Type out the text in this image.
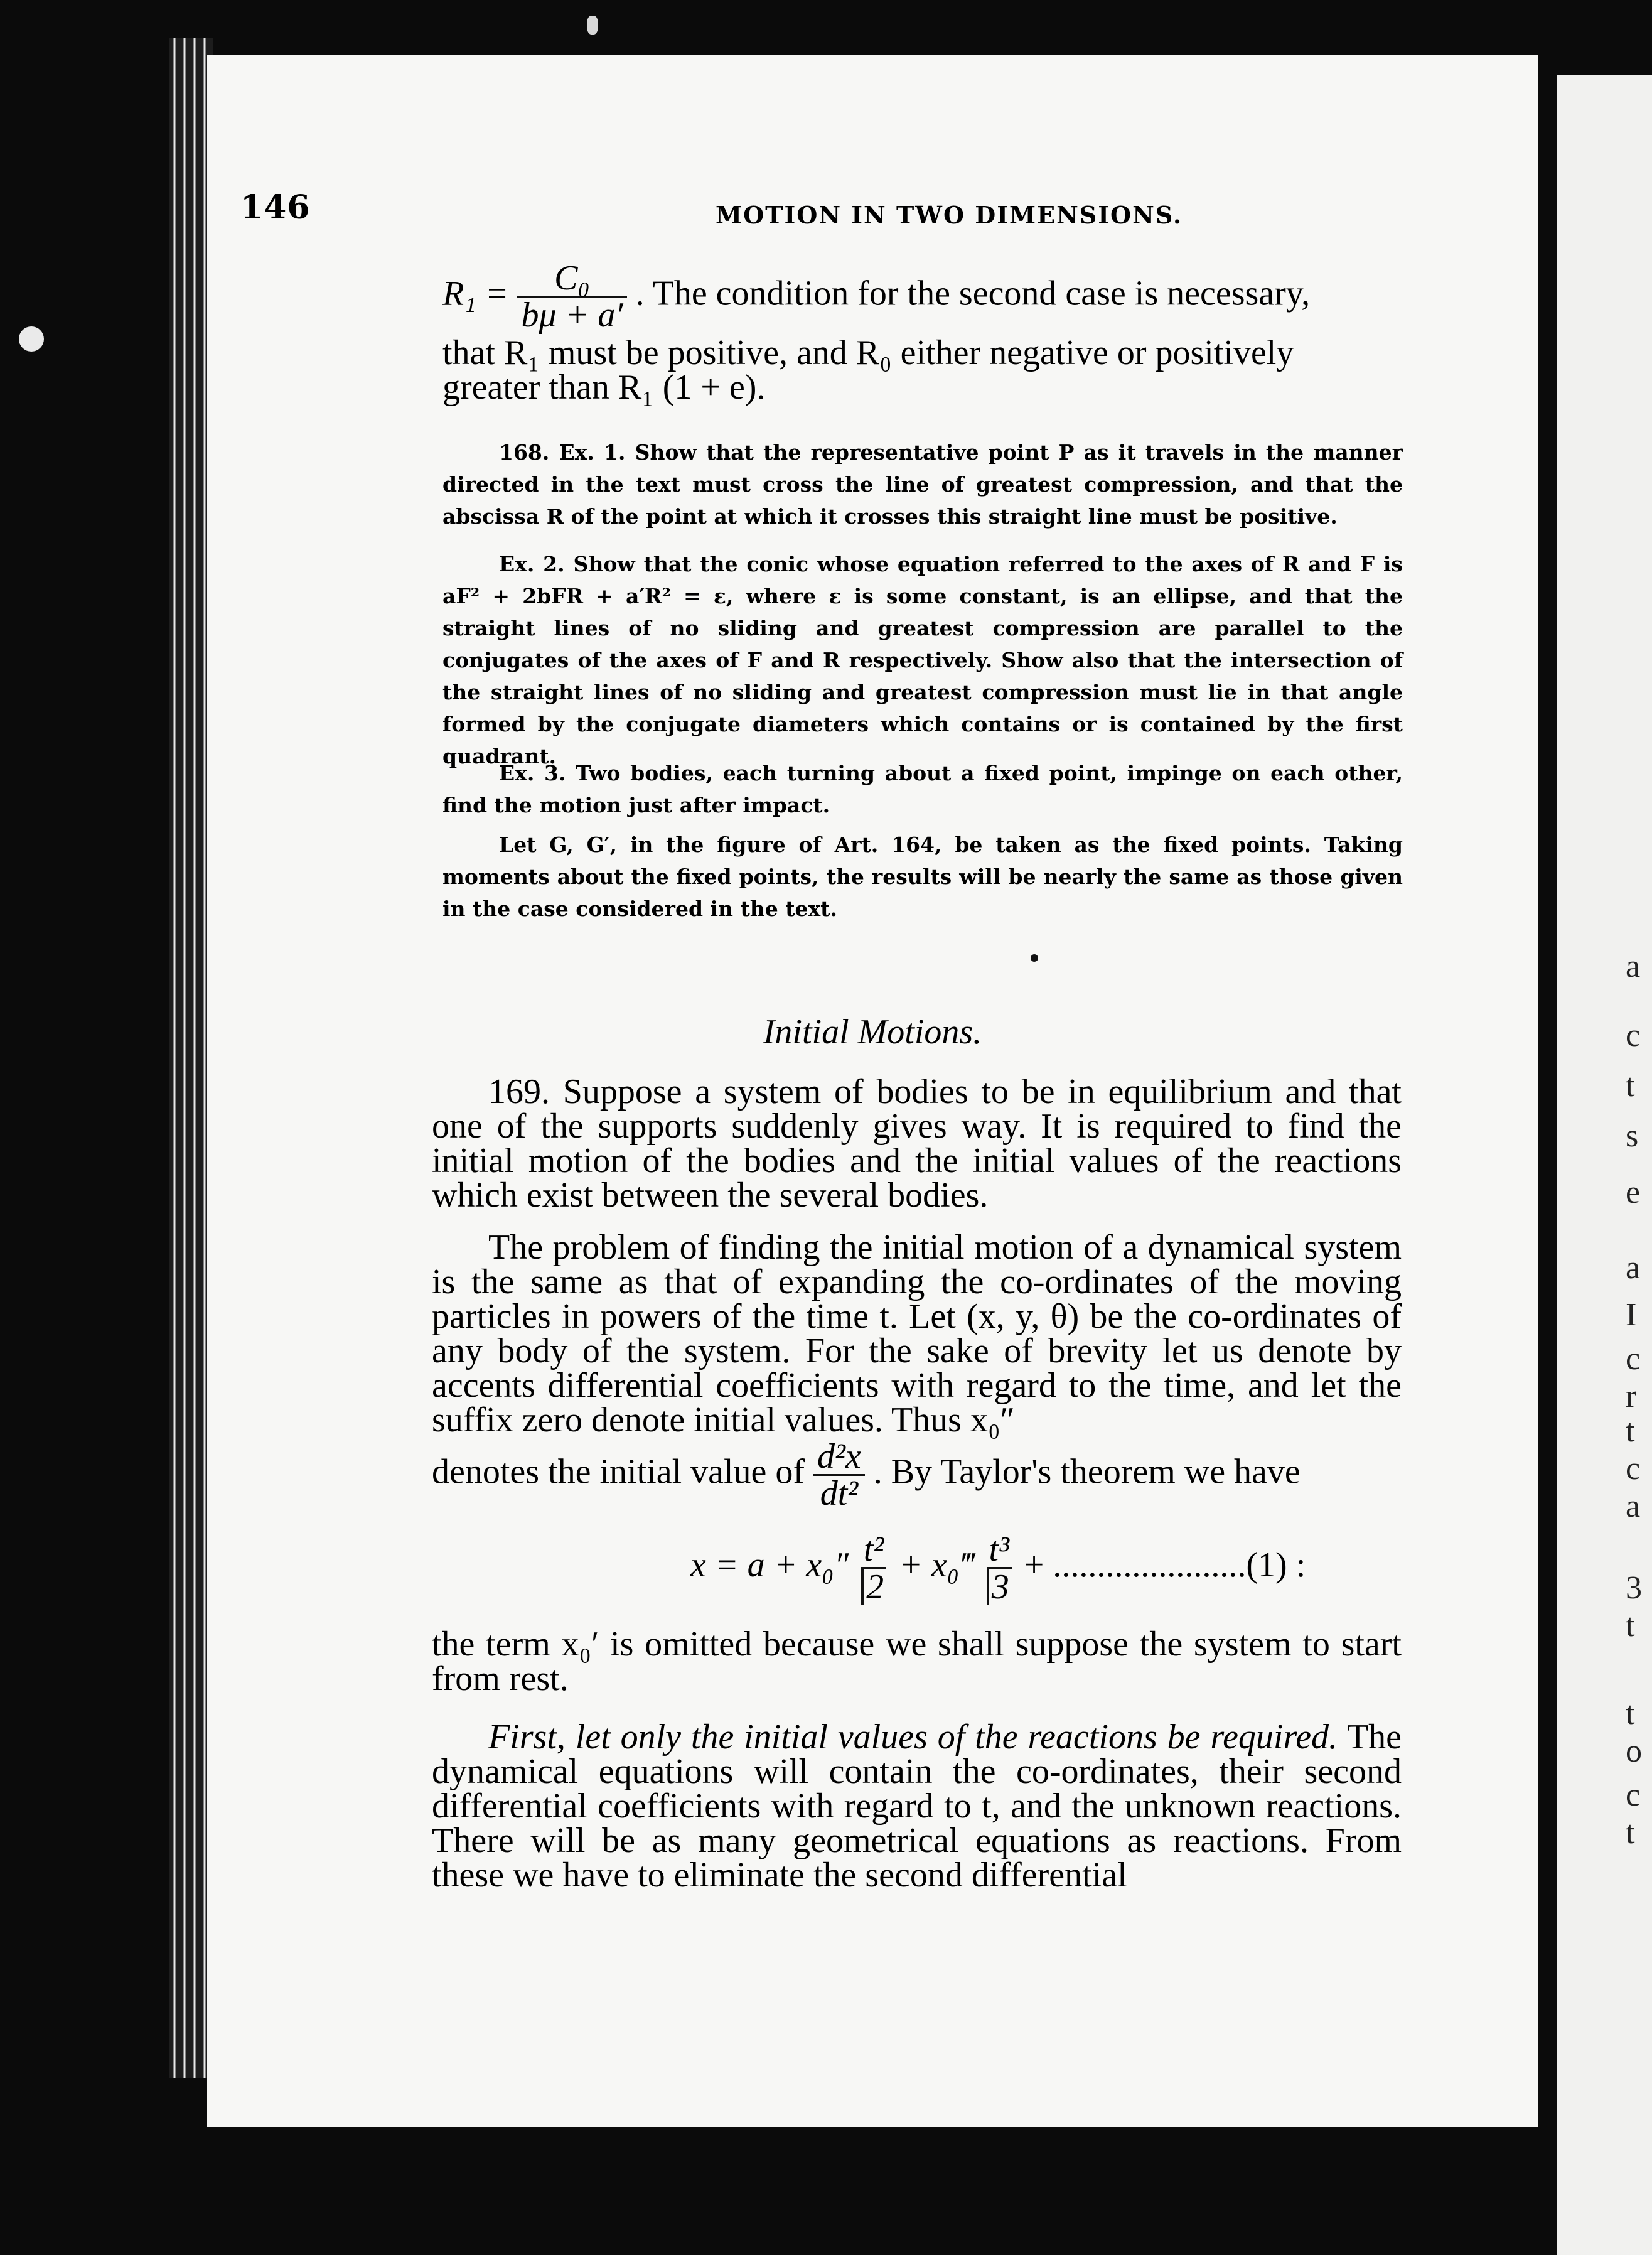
a
c
t
s
e
a
I
c
r
t
c
a
3
t
t
o
c
t
146	MOTION IN TWO DIMENSIONS.
$R_1 = \frac{\text{C₀}}{b\mu + a'}$ . The condition for the second case is necessary,
that R₁ must be positive, and R₀ either negative or positively
greater than R₁ (1 + e).
168. Ex. 1. Show that the representative point P as it travels in the manner directed in the text must cross the line of greatest compression, and that the abscissa R of the point at which it crosses this straight line must be positive.
Ex. 2. Show that the conic whose equation referred to the axes of R and F is aF² + 2bFR + a′R² = ε, where ε is some constant, is an ellipse, and that the straight lines of no sliding and greatest compression are parallel to the conjugates of the axes of F and R respectively. Show also that the intersection of the straight lines of no sliding and greatest compression must lie in that angle formed by the conjugate diameters which contains or is contained by the first quadrant.
Ex. 3. Two bodies, each turning about a fixed point, impinge on each other, find the motion just after impact.
Let G, G′, in the figure of Art. 164, be taken as the fixed points. Taking moments about the fixed points, the results will be nearly the same as those given in the case considered in the text.
Initial Motions.
169. Suppose a system of bodies to be in equilibrium and that one of the supports suddenly gives way. It is required to find the initial motion of the bodies and the initial values of the reactions which exist between the several bodies.
The problem of finding the initial motion of a dynamical system is the same as that of expanding the co-ordinates of the moving particles in powers of the time t. Let (x, y, θ) be the co-ordinates of any body of the system. For the sake of brevity let us denote by accents differential coefficients with regard to the time, and let the suffix zero denote initial values. Thus x₀″
denotes the initial value of $\frac{\text{d²x}}{\text{dt²}}$ . By Taylor's theorem we have
x = a + x₀″ t²
2
+ x₀‴ t³
3
+ ......................(1) :
the term x₀′ is omitted because we shall suppose the system to start from rest.
First, let only the initial values of the reactions be required. The dynamical equations will contain the co-ordinates, their second differential coefficients with regard to t, and the unknown reactions. There will be as many geometrical equations as reactions. From these we have to eliminate the second differential
